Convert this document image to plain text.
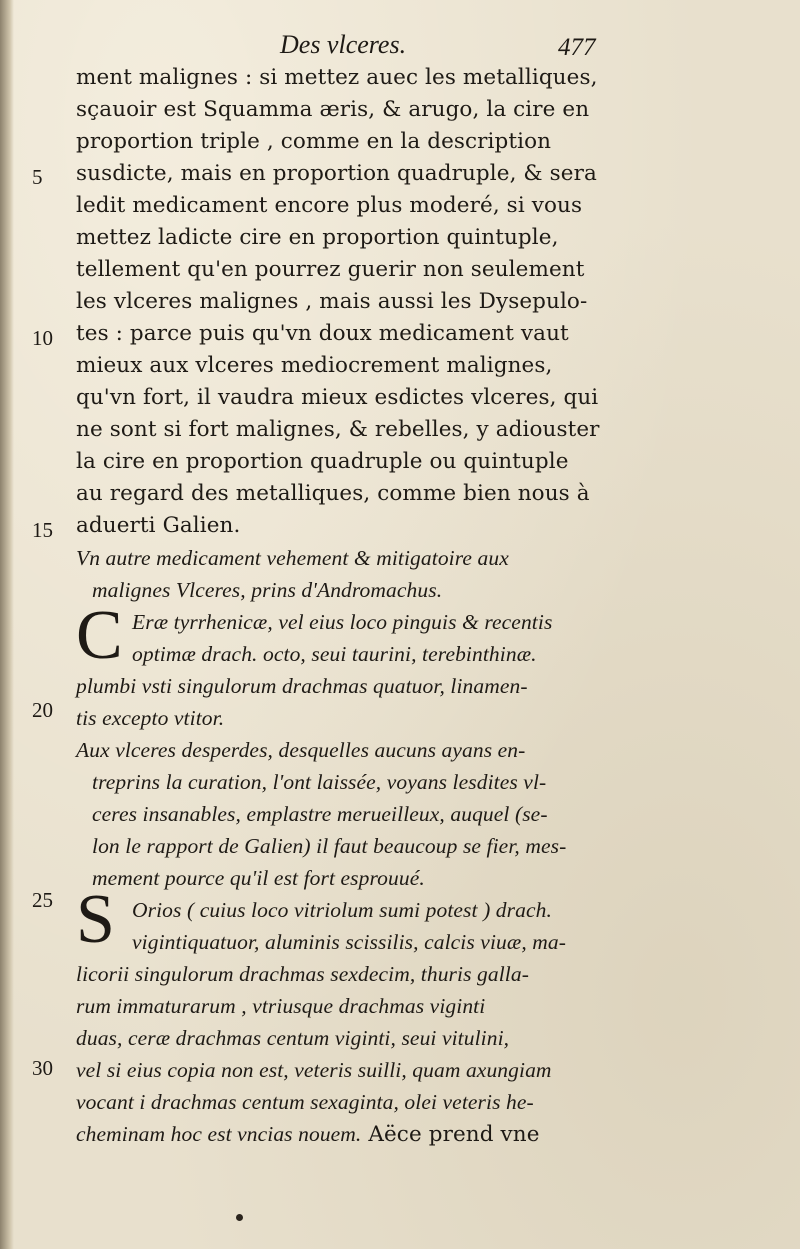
Des vlceres.	477
5
10
15
20
25
30
C
S
ment malignes : si mettez auec les metalliques,
sçauoir est Squamma æris, & arugo, la cire en
proportion triple , comme en la description
susdicte, mais en proportion quadruple, & sera
ledit medicament encore plus moderé, si vous
mettez ladicte cire en proportion quintuple,
tellement qu'en pourrez guerir non seulement
les vlceres malignes , mais aussi les Dysepulo-
tes : parce puis qu'vn doux medicament vaut
mieux aux vlceres mediocrement malignes,
qu'vn fort, il vaudra mieux esdictes vlceres, qui
ne sont si fort malignes, & rebelles, y adiouster
la cire en proportion quadruple ou quintuple
au regard des metalliques, comme bien nous à
aduerti Galien.
Vn autre medicament vehement & mitigatoire aux
malignes Vlceres, prins d'Andromachus.
Eræ tyrrhenicæ, vel eius loco pinguis & recentis
optimæ drach. octo, seui taurini, terebinthinæ.
plumbi vsti singulorum drachmas quatuor, linamen-
tis excepto vtitor.
Aux vlceres desperdes, desquelles aucuns ayans en-
treprins la curation, l'ont laissée, voyans lesdites vl-
ceres insanables, emplastre merueilleux, auquel (se-
lon le rapport de Galien) il faut beaucoup se fier, mes-
mement pource qu'il est fort esprouué.
Orios ( cuius loco vitriolum sumi potest ) drach.
vigintiquatuor, aluminis scissilis, calcis viuæ, ma-
licorii singulorum drachmas sexdecim, thuris galla-
rum immaturarum , vtriusque drachmas viginti
duas, ceræ drachmas centum viginti, seui vitulini,
vel si eius copia non est, veteris suilli, quam axungiam
vocant i drachmas centum sexaginta, olei veteris he-
cheminam hoc est vncias nouem. Aëce prend vne
